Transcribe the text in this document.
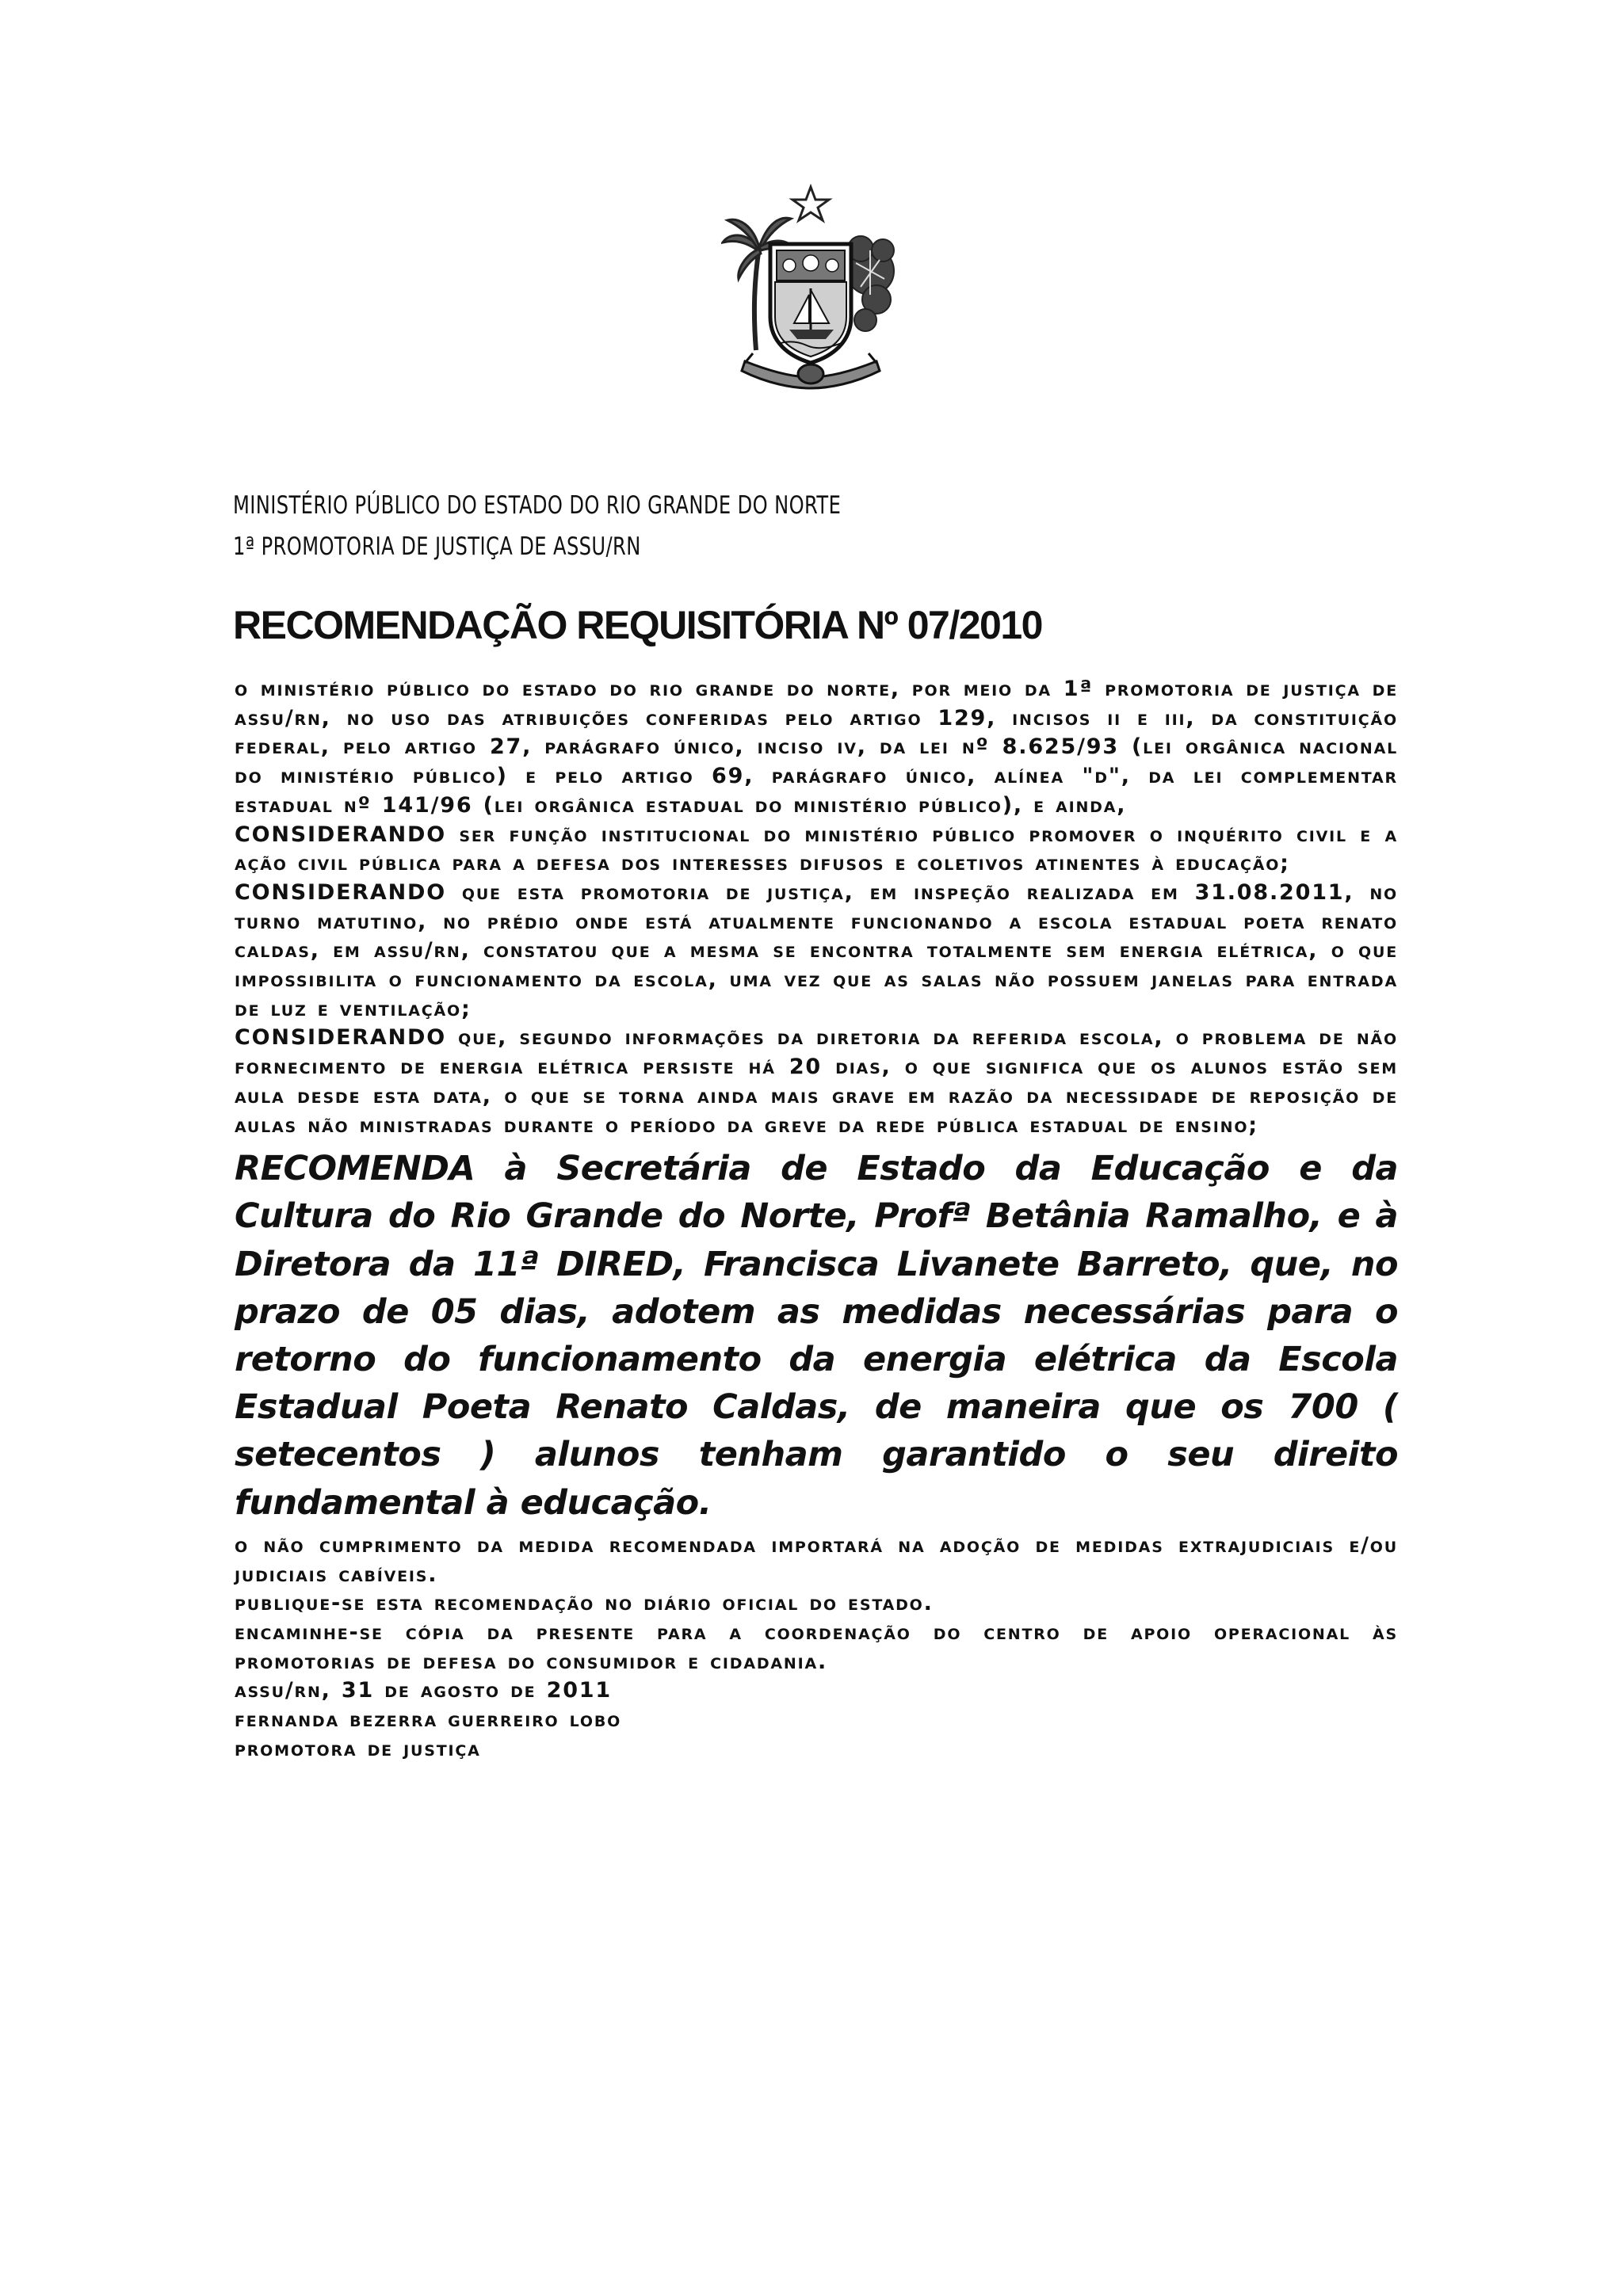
MINISTÉRIO PÚBLICO DO ESTADO DO RIO GRANDE DO NORTE
1ª PROMOTORIA DE JUSTIÇA DE ASSU/RN
RECOMENDAÇÃO REQUISITÓRIA Nº 07/2010

o ministério público do estado do rio grande do norte, por meio da 1ª promotoria de justiça de assu/rn, no uso das atribuições conferidas pelo artigo 129, incisos ii e iii, da constituição federal, pelo artigo 27, parágrafo único, inciso iv, da lei nº 8.625/93 (lei orgânica nacional do ministério público) e pelo artigo 69, parágrafo único, alínea "d", da lei complementar estadual nº 141/96 (lei orgânica estadual do ministério público), e ainda,

CONSIDERANDO ser função institucional do ministério público promover o inquérito civil e a ação civil pública para a defesa dos interesses difusos e coletivos atinentes à educação;

CONSIDERANDO que esta promotoria de justiça, em inspeção realizada em 31.08.2011, no turno matutino, no prédio onde está atualmente funcionando a escola estadual poeta renato caldas, em assu/rn, constatou que a mesma se encontra totalmente sem energia elétrica, o que impossibilita o funcionamento da escola, uma vez que as salas não possuem janelas para entrada de luz e ventilação;

CONSIDERANDO que, segundo informações da diretoria da referida escola, o problema de não fornecimento de energia elétrica persiste há 20 dias, o que significa que os alunos estão sem aula desde esta data, o que se torna ainda mais grave em razão da necessidade de reposição de aulas não ministradas durante o período da greve da rede pública estadual de ensino;

RECOMENDA à Secretária de Estado da Educação e da Cultura do Rio Grande do Norte, Profª Betânia Ramalho, e à Diretora da 11ª DIRED, Francisca Livanete Barreto, que, no prazo de 05 dias, adotem as medidas necessárias para o retorno do funcionamento da energia elétrica da Escola Estadual Poeta Renato Caldas, de maneira que os 700 ( setecentos ) alunos tenham garantido o seu direito fundamental à educação.

o não cumprimento da medida recomendada importará na adoção de medidas extrajudiciais e/ou judiciais cabíveis.

publique-se esta recomendação no diário oficial do estado.

encaminhe-se cópia da presente para a coordenação do centro de apoio operacional às promotorias de defesa do consumidor e cidadania.

assu/rn, 31 de agosto de 2011

fernanda bezerra guerreiro lobo

promotora de justiça
